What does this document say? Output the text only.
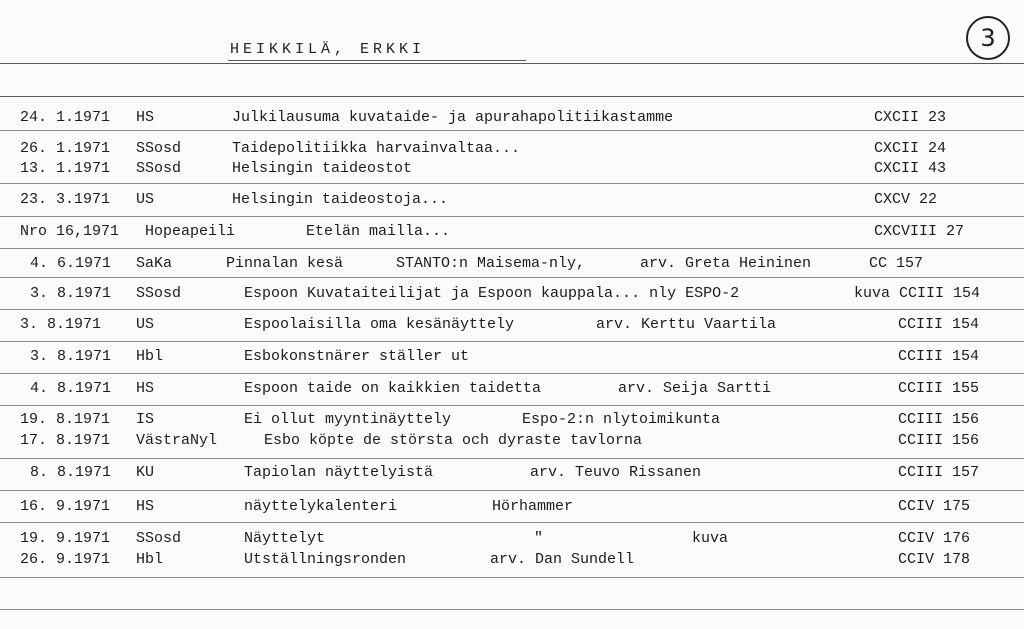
HEIKKILÄ, ERKKI	3
24. 1.1971 HS	Julkilausuma kuvataide- ja apurahapolitiikastamme	CXCII 23
26. 1.1971 SSosd	Taidepolitiikka harvainvaltaa...	CXCII 24
13. 1.1971 SSosd	Helsingin taideostot	CXCII 43
23. 3.1971 US	Helsingin taideostoja...	CXCV 22
Nro 16,1971 Hopeapeili	Etelän mailla...	CXCVIII 27
4. 6.1971 SaKa	Pinnalan kesä	STANTO:n Maisema-nly,	arv. Greta Heininen	CC 157
3. 8.1971 SSosd	Espoon Kuvataiteilijat ja Espoon kauppala... nly ESPO-2	kuva CCIII 154
3. 8.1971 US	Espoolaisilla oma kesänäyttely	arv. Kerttu Vaartila	CCIII 154
3. 8.1971 Hbl	Esbokonstnärer ställer ut	CCIII 154
4. 8.1971 HS	Espoon taide on kaikkien taidetta	arv. Seija Sartti	CCIII 155
19. 8.1971 IS	Ei ollut myyntinäyttely	Espo-2:n nlytoimikunta	CCIII 156
17. 8.1971 VästraNyl	Esbo köpte de största och dyraste tavlorna	CCIII 156
8. 8.1971 KU	Tapiolan näyttelyistä	arv. Teuvo Rissanen	CCIII 157
16. 9.1971 HS	näyttelykalenteri	Hörhammer	CCIV 175
19. 9.1971 SSosd	Näyttelyt	"	kuva	CCIV 176
26. 9.1971 Hbl	Utställningsronden	arv. Dan Sundell	CCIV 178
